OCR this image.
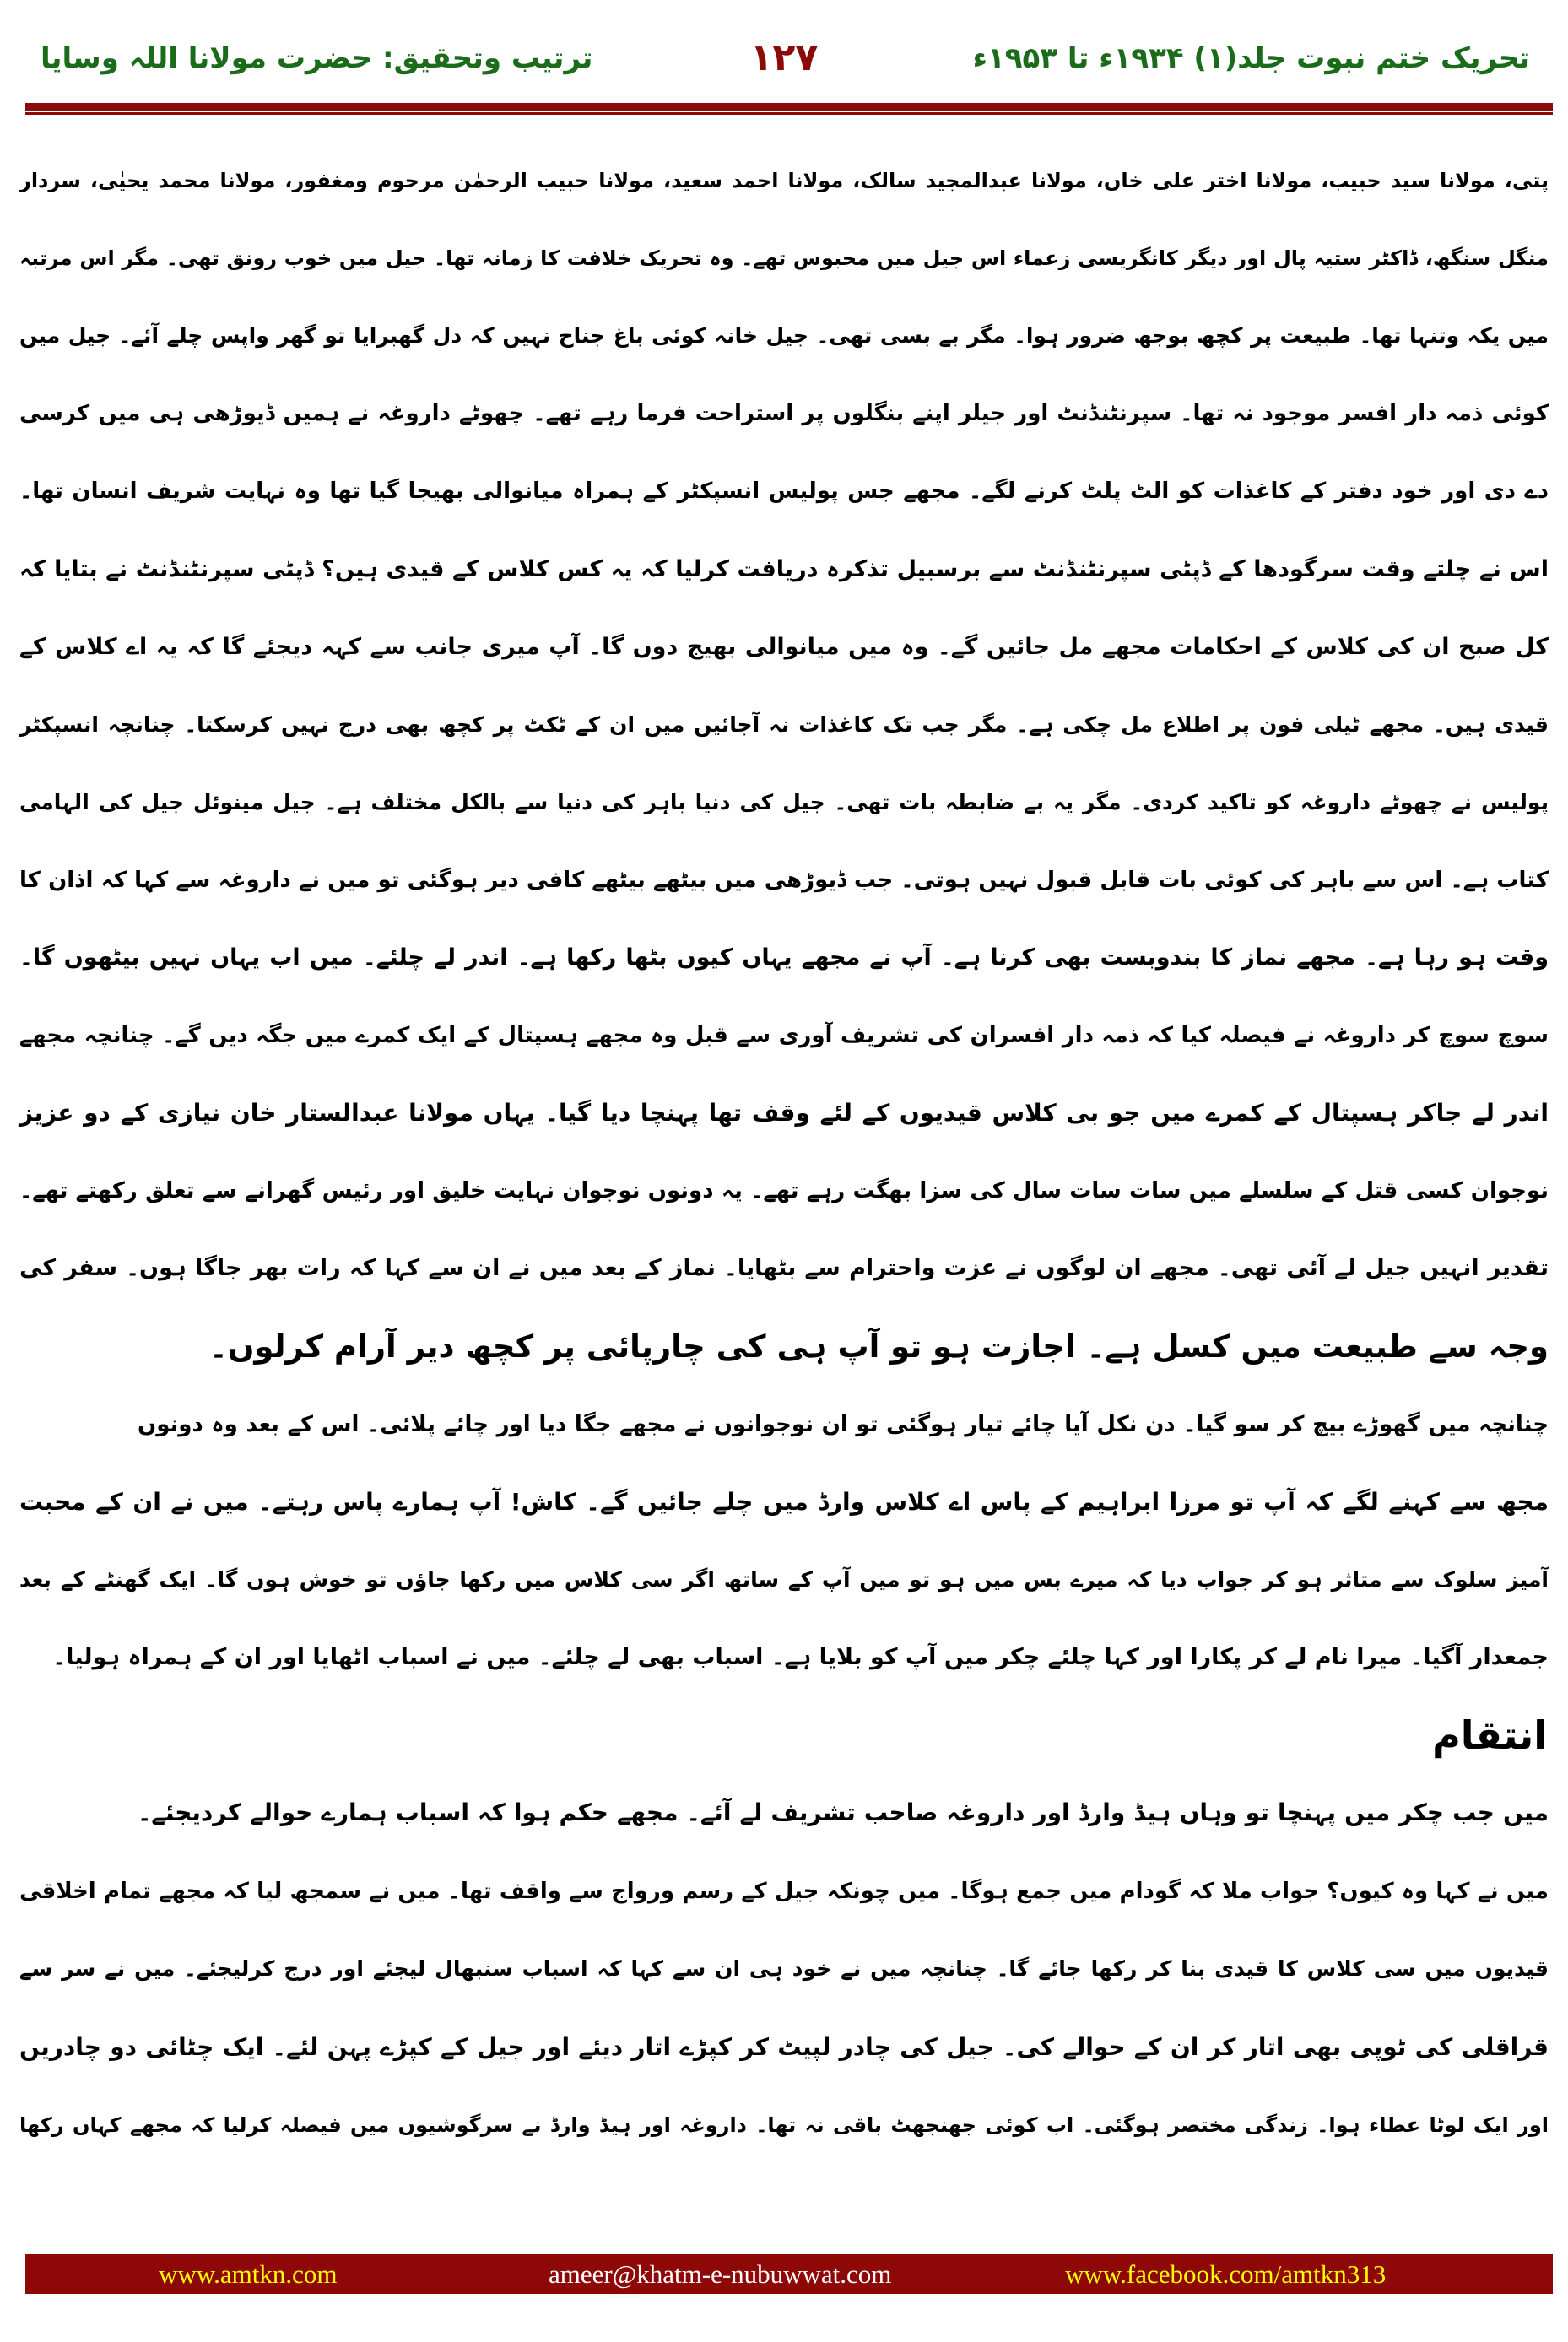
تحریک ختم نبوت جلد(۱) ۱۹۳۴ء تا ۱۹۵۳ء
۱۲۷
ترتیب وتحقیق: حضرت مولانا اللہ وسایا
پتی، مولانا سید حبیب، مولانا اختر علی خاں، مولانا عبدالمجید سالک، مولانا احمد سعید، مولانا حبیب الرحمٰن مرحوم ومغفور، مولانا محمد یحیٰی، سردار
منگل سنگھ، ڈاکٹر ستیہ پال اور دیگر کانگریسی زعماء اس جیل میں محبوس تھے۔ وہ تحریک خلافت کا زمانہ تھا۔ جیل میں خوب رونق تھی۔ مگر اس مرتبہ
میں یکہ وتنہا تھا۔ طبیعت پر کچھ بوجھ ضرور ہوا۔ مگر بے بسی تھی۔ جیل خانہ کوئی باغ جناح نہیں کہ دل گھبرایا تو گھر واپس چلے آئے۔ جیل میں
کوئی ذمہ دار افسر موجود نہ تھا۔ سپرنٹنڈنٹ اور جیلر اپنے بنگلوں پر استراحت فرما رہے تھے۔ چھوٹے داروغہ نے ہمیں ڈیوڑھی ہی میں کرسی
دے دی اور خود دفتر کے کاغذات کو الٹ پلٹ کرنے لگے۔ مجھے جس پولیس انسپکٹر کے ہمراہ میانوالی بھیجا گیا تھا وہ نہایت شریف انسان تھا۔
اس نے چلتے وقت سرگودھا کے ڈپٹی سپرنٹنڈنٹ سے برسبیل تذکرہ دریافت کرلیا کہ یہ کس کلاس کے قیدی ہیں؟ ڈپٹی سپرنٹنڈنٹ نے بتایا کہ
کل صبح ان کی کلاس کے احکامات مجھے مل جائیں گے۔ وہ میں میانوالی بھیج دوں گا۔ آپ میری جانب سے کہہ دیجئے گا کہ یہ اے کلاس کے
قیدی ہیں۔ مجھے ٹیلی فون پر اطلاع مل چکی ہے۔ مگر جب تک کاغذات نہ آجائیں میں ان کے ٹکٹ پر کچھ بھی درج نہیں کرسکتا۔ چنانچہ انسپکٹر
پولیس نے چھوٹے داروغہ کو تاکید کردی۔ مگر یہ بے ضابطہ بات تھی۔ جیل کی دنیا باہر کی دنیا سے بالکل مختلف ہے۔ جیل مینوئل جیل کی الہامی
کتاب ہے۔ اس سے باہر کی کوئی بات قابل قبول نہیں ہوتی۔ جب ڈیوڑھی میں بیٹھے بیٹھے کافی دیر ہوگئی تو میں نے داروغہ سے کہا کہ اذان کا
وقت ہو رہا ہے۔ مجھے نماز کا بندوبست بھی کرنا ہے۔ آپ نے مجھے یہاں کیوں بٹھا رکھا ہے۔ اندر لے چلئے۔ میں اب یہاں نہیں بیٹھوں گا۔
سوچ سوچ کر داروغہ نے فیصلہ کیا کہ ذمہ دار افسران کی تشریف آوری سے قبل وہ مجھے ہسپتال کے ایک کمرے میں جگہ دیں گے۔ چنانچہ مجھے
اندر لے جاکر ہسپتال کے کمرے میں جو بی کلاس قیدیوں کے لئے وقف تھا پہنچا دیا گیا۔ یہاں مولانا عبدالستار خان نیازی کے دو عزیز
نوجوان کسی قتل کے سلسلے میں سات سات سال کی سزا بھگت رہے تھے۔ یہ دونوں نوجوان نہایت خلیق اور رئیس گھرانے سے تعلق رکھتے تھے۔
تقدیر انہیں جیل لے آئی تھی۔ مجھے ان لوگوں نے عزت واحترام سے بٹھایا۔ نماز کے بعد میں نے ان سے کہا کہ رات بھر جاگا ہوں۔ سفر کی
وجہ سے طبیعت میں کسل ہے۔ اجازت ہو تو آپ ہی کی چارپائی پر کچھ دیر آرام کرلوں۔
چنانچہ میں گھوڑے بیچ کر سو گیا۔ دن نکل آیا چائے تیار ہوگئی تو ان نوجوانوں نے مجھے جگا دیا اور چائے پلائی۔ اس کے بعد وہ دونوں
مجھ سے کہنے لگے کہ آپ تو مرزا ابراہیم کے پاس اے کلاس وارڈ میں چلے جائیں گے۔ کاش! آپ ہمارے پاس رہتے۔ میں نے ان کے محبت
آمیز سلوک سے متاثر ہو کر جواب دیا کہ میرے بس میں ہو تو میں آپ کے ساتھ اگر سی کلاس میں رکھا جاؤں تو خوش ہوں گا۔ ایک گھنٹے کے بعد
جمعدار آگیا۔ میرا نام لے کر پکارا اور کہا چلئے چکر میں آپ کو بلایا ہے۔ اسباب بھی لے چلئے۔ میں نے اسباب اٹھایا اور ان کے ہمراہ ہولیا۔
انتقام
میں جب چکر میں پہنچا تو وہاں ہیڈ وارڈ اور داروغہ صاحب تشریف لے آئے۔ مجھے حکم ہوا کہ اسباب ہمارے حوالے کردیجئے۔
میں نے کہا وہ کیوں؟ جواب ملا کہ گودام میں جمع ہوگا۔ میں چونکہ جیل کے رسم ورواج سے واقف تھا۔ میں نے سمجھ لیا کہ مجھے تمام اخلاقی
قیدیوں میں سی کلاس کا قیدی بنا کر رکھا جائے گا۔ چنانچہ میں نے خود ہی ان سے کہا کہ اسباب سنبھال لیجئے اور درج کرلیجئے۔ میں نے سر سے
قراقلی کی ٹوپی بھی اتار کر ان کے حوالے کی۔ جیل کی چادر لپیٹ کر کپڑے اتار دیئے اور جیل کے کپڑے پہن لئے۔ ایک چٹائی دو چادریں
اور ایک لوٹا عطاء ہوا۔ زندگی مختصر ہوگئی۔ اب کوئی جھنجھٹ باقی نہ تھا۔ داروغہ اور ہیڈ وارڈ نے سرگوشیوں میں فیصلہ کرلیا کہ مجھے کہاں رکھا
www.amtkn.com	ameer@khatm-e-nubuwwat.com	www.facebook.com/amtkn313
